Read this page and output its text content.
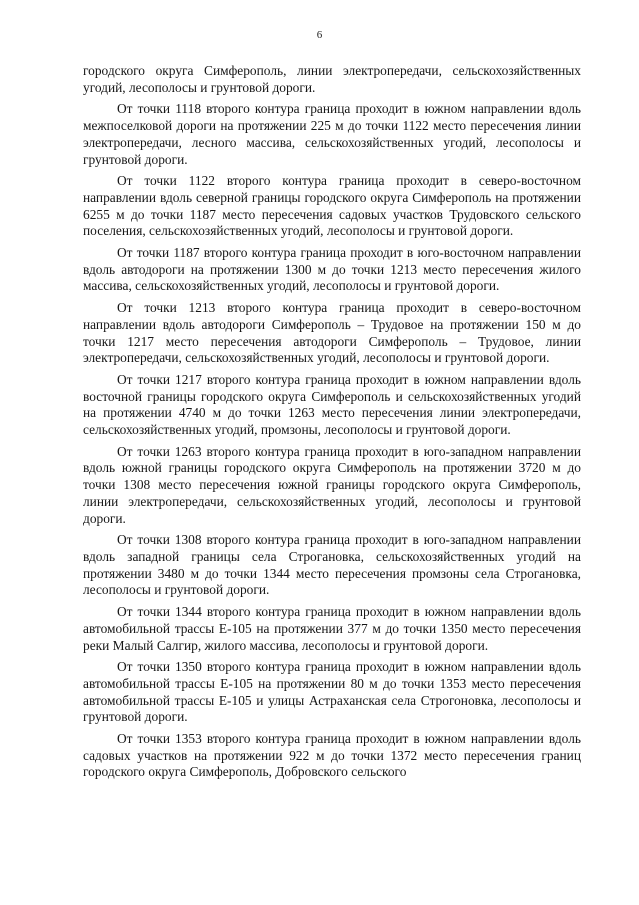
6

городского округа Симферополь, линии электропередачи, сельскохозяйственных угодий, лесополосы и грунтовой дороги.

От точки 1118 второго контура граница проходит в южном направлении вдоль межпоселковой дороги на протяжении 225 м до точки 1122 место пересечения линии электропередачи, лесного массива, сельскохозяйственных угодий, лесополосы и грунтовой дороги.

От точки 1122 второго контура граница проходит в северо-восточном направлении вдоль северной границы городского округа Симферополь на протяжении 6255 м до точки 1187 место пересечения садовых участков Трудовского сельского поселения, сельскохозяйственных угодий, лесополосы и грунтовой дороги.

От точки 1187 второго контура граница проходит в юго-восточном направлении вдоль автодороги на протяжении 1300 м до точки 1213 место пересечения жилого массива, сельскохозяйственных угодий, лесополосы и грунтовой дороги.

От точки 1213 второго контура граница проходит в северо-восточном направлении вдоль автодороги Симферополь – Трудовое на протяжении 150 м до точки 1217 место пересечения автодороги Симферополь – Трудовое, линии электропередачи, сельскохозяйственных угодий, лесополосы и грунтовой дороги.

От точки 1217 второго контура граница проходит в южном направлении вдоль восточной границы городского округа Симферополь и сельскохозяйственных угодий на протяжении 4740 м до точки 1263 место пересечения линии электропередачи, сельскохозяйственных угодий, промзоны, лесополосы и грунтовой дороги.

От точки 1263 второго контура граница проходит в юго-западном направлении вдоль южной границы городского округа Симферополь на протяжении 3720 м до точки 1308 место пересечения южной границы городского округа Симферополь, линии электропередачи, сельскохозяйственных угодий, лесополосы и грунтовой дороги.

От точки 1308 второго контура граница проходит в юго-западном направлении вдоль западной границы села Строгановка, сельскохозяйственных угодий на протяжении 3480 м до точки 1344 место пересечения промзоны села Строгановка, лесополосы и грунтовой дороги.

От точки 1344 второго контура граница проходит в южном направлении вдоль автомобильной трассы Е-105 на протяжении 377 м до точки 1350 место пересечения реки Малый Салгир, жилого массива, лесополосы и грунтовой дороги.

От точки 1350 второго контура граница проходит в южном направлении вдоль автомобильной трассы Е-105 на протяжении 80 м до точки 1353 место пересечения автомобильной трассы Е-105 и улицы Астраханская села Строгоновка, лесополосы и грунтовой дороги.

От точки 1353 второго контура граница проходит в южном направлении вдоль садовых участков на протяжении 922 м до точки 1372 место пересечения границ городского округа Симферополь, Добровского сельского
